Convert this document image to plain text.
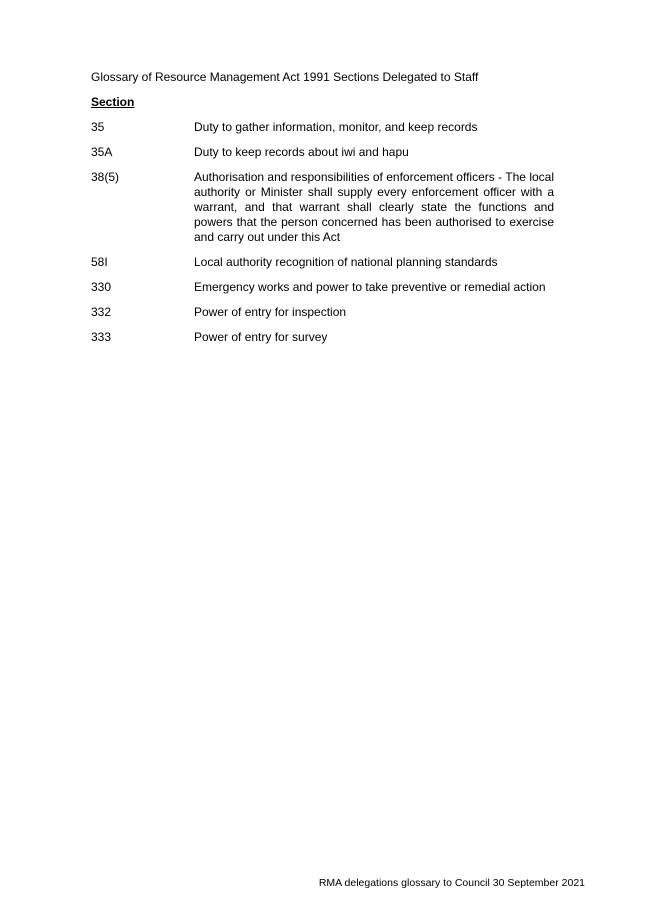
Glossary of Resource Management Act 1991 Sections Delegated to Staff
Section
35	Duty to gather information, monitor, and keep records
35A	Duty to keep records about iwi and hapu
38(5)	Authorisation and responsibilities of enforcement officers - The local authority or Minister shall supply every enforcement officer with a warrant, and that warrant shall clearly state the functions and powers that the person concerned has been authorised to exercise and carry out under this Act
58I	Local authority recognition of national planning standards
330	Emergency works and power to take preventive or remedial action
332	Power of entry for inspection
333	Power of entry for survey
RMA delegations glossary to Council 30 September 2021
